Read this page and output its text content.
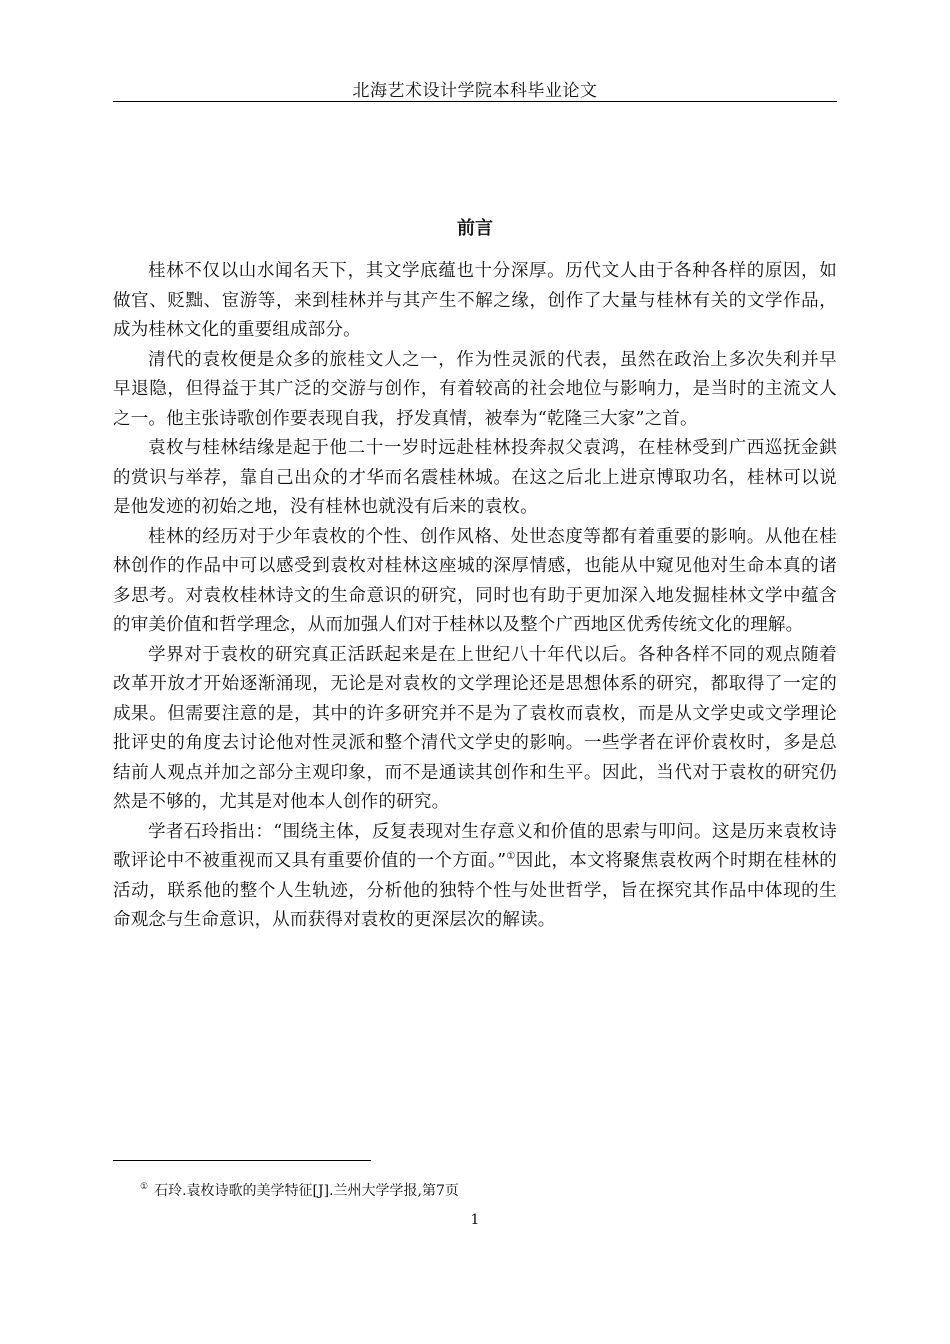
北海艺术设计学院本科毕业论文
前言

桂林不仅以山水闻名天下，其文学底蕴也十分深厚。历代文人由于各种各样的原因，如做官、贬黜、宦游等，来到桂林并与其产生不解之缘，创作了大量与桂林有关的文学作品，成为桂林文化的重要组成部分。

清代的袁枚便是众多的旅桂文人之一，作为性灵派的代表，虽然在政治上多次失利并早早退隐，但得益于其广泛的交游与创作，有着较高的社会地位与影响力，是当时的主流文人之一。他主张诗歌创作要表现自我，抒发真情，被奉为“乾隆三大家”之首。

袁枚与桂林结缘是起于他二十一岁时远赴桂林投奔叔父袁鸿，在桂林受到广西巡抚金鉷的赏识与举荐，靠自己出众的才华而名震桂林城。在这之后北上进京博取功名，桂林可以说是他发迹的初始之地，没有桂林也就没有后来的袁枚。

桂林的经历对于少年袁枚的个性、创作风格、处世态度等都有着重要的影响。从他在桂林创作的作品中可以感受到袁枚对桂林这座城的深厚情感，也能从中窥见他对生命本真的诸多思考。对袁枚桂林诗文的生命意识的研究，同时也有助于更加深入地发掘桂林文学中蕴含的审美价值和哲学理念，从而加强人们对于桂林以及整个广西地区优秀传统文化的理解。

学界对于袁枚的研究真正活跃起来是在上世纪八十年代以后。各种各样不同的观点随着改革开放才开始逐渐涌现，无论是对袁枚的文学理论还是思想体系的研究，都取得了一定的成果。但需要注意的是，其中的许多研究并不是为了袁枚而袁枚，而是从文学史或文学理论批评史的角度去讨论他对性灵派和整个清代文学史的影响。一些学者在评价袁枚时，多是总结前人观点并加之部分主观印象，而不是通读其创作和生平。因此，当代对于袁枚的研究仍然是不够的，尤其是对他本人创作的研究。

学者石玲指出：“围绕主体，反复表现对生存意义和价值的思索与叩问。这是历来袁枚诗歌评论中不被重视而又具有重要价值的一个方面。”①因此，本文将聚焦袁枚两个时期在桂林的活动，联系他的整个人生轨迹，分析他的独特个性与处世哲学，旨在探究其作品中体现的生命观念与生命意识，从而获得对袁枚的更深层次的解读。

① 石玲.袁枚诗歌的美学特征[J].兰州大学学报,第7页
1
